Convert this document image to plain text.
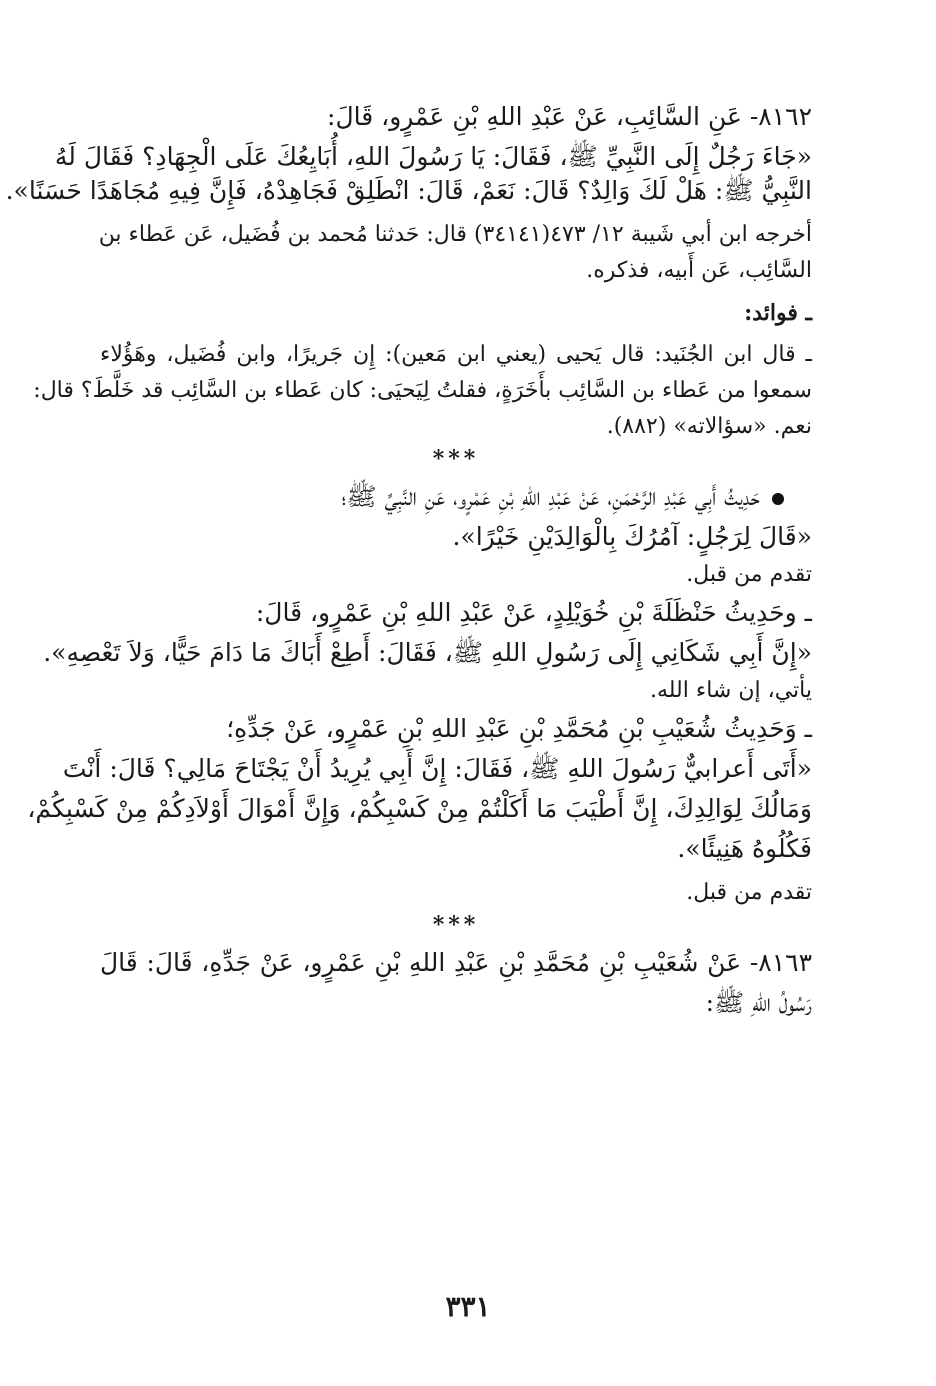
٨١٦٢- عَنِ السَّائِبِ، عَنْ عَبْدِ اللهِ بْنِ عَمْرٍو، قَالَ:

«جَاءَ رَجُلٌ إِلَى النَّبِيِّ ﷺ، فَقَالَ: يَا رَسُولَ اللهِ، أُبَايِعُكَ عَلَى الْجِهَادِ؟ فَقَالَ لَهُ

النَّبِيُّ ﷺ: هَلْ لَكَ وَالِدٌ؟ قَالَ: نَعَمْ، قَالَ: انْطَلِقْ فَجَاهِدْهُ، فَإِنَّ فِيهِ مُجَاهَدًا حَسَنًا».

أخرجه ابن أبي شَيبة ١٢/ ٤٧٣(٣٤١٤١) قال: حَدثنا مُحمد بن فُضَيل، عَن عَطاء بن

السَّائِب، عَن أَبيه، فذكره.

ـ فوائد:

ـ قال ابن الجُنَيد: قال يَحيى (يعني ابن مَعين): إِن جَريرًا، وابن فُضَيل، وهَؤُلاء

سمعوا من عَطاء بن السَّائِب بأَخَرَةٍ، فقلتُ لِيَحيَى: كان عَطاء بن السَّائِب قد خَلَّطَ؟ قال:

نعم. «سؤالاته» (٨٨٢).

***

حَدِيثُ أَبِي عَبْدِ الرَّحْمَنِ، عَنْ عَبْدِ اللهِ بْنِ عَمْرٍو، عَنِ النَّبِيِّ ﷺ؛

«قَالَ لِرَجُلٍ: آمُرُكَ بِالْوَالِدَيْنِ خَيْرًا».

تقدم من قبل.

ـ وحَدِيثُ حَنْظَلَةَ بْنِ خُوَيْلِدٍ، عَنْ عَبْدِ اللهِ بْنِ عَمْرٍو، قَالَ:

«إِنَّ أَبِي شَكَانِي إِلَى رَسُولِ اللهِ ﷺ، فَقَالَ: أَطِعْ أَبَاكَ مَا دَامَ حَيًّا، وَلاَ تَعْصِهِ».

يأتي، إن شاء الله.

ـ وَحَدِيثُ شُعَيْبِ بْنِ مُحَمَّدِ بْنِ عَبْدِ اللهِ بْنِ عَمْرٍو، عَنْ جَدِّهِ؛

«أَتَى أَعرابيٌّ رَسُولَ اللهِ ﷺ، فَقَالَ: إِنَّ أَبِي يُرِيدُ أَنْ يَجْتَاحَ مَالِي؟ قَالَ: أَنْتَ

وَمَالُكَ لِوَالِدِكَ، إِنَّ أَطْيَبَ مَا أَكَلْتُمْ مِنْ كَسْبِكُمْ، وَإِنَّ أَمْوَالَ أَوْلاَدِكُمْ مِنْ كَسْبِكُمْ،

فَكُلُوهُ هَنِيئًا».

تقدم من قبل.

***

٨١٦٣- عَنْ شُعَيْبِ بْنِ مُحَمَّدِ بْنِ عَبْدِ اللهِ بْنِ عَمْرٍو، عَنْ جَدِّهِ، قَالَ: قَالَ

رَسُولُ اللهِ ﷺ:

٣٣١
